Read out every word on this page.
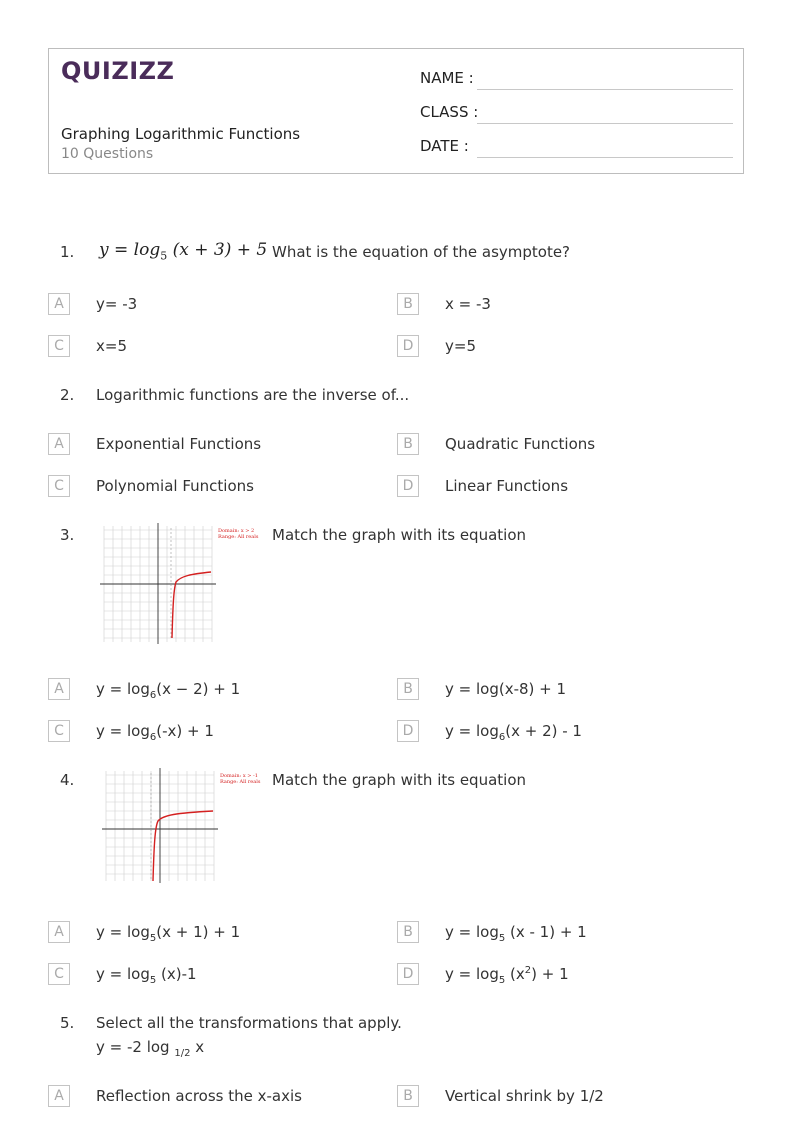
QUIZIZZ
Graphing Logarithmic Functions
10 Questions
NAME :
CLASS :
DATE :
1. $y = \log_5 (x + 3) + 5$ What is the equation of the asymptote?
A	y= -3	B	x = -3
C	x=5	D	y=5
2. Logarithmic functions are the inverse of...
A	Exponential Functions	B	Quadratic Functions
C	Polynomial Functions	D	Linear Functions
3.	Domain: x > 2
Range: All reals Match the graph with its equation
A	$y = \log_6(x - 2) + 1$	B	y = log(x-8) + 1
C	$y = \log_6(-x) + 1$	D	$y = \log_6(x + 2) - 1$
4.	Domain: x > -1
Range: All reals Match the graph with its equation
A	$y = \log_5(x + 1) + 1$	B	$y = \log_5 (x - 1) + 1$
C	$y = \log_5 (x)-1$	D	$y = \log_5 (x^2) + 1$
5. Select all the transformations that apply.
y = -2 log $_{1/2}$ x
A	Reflection across the x-axis	B	Vertical shrink by 1/2
